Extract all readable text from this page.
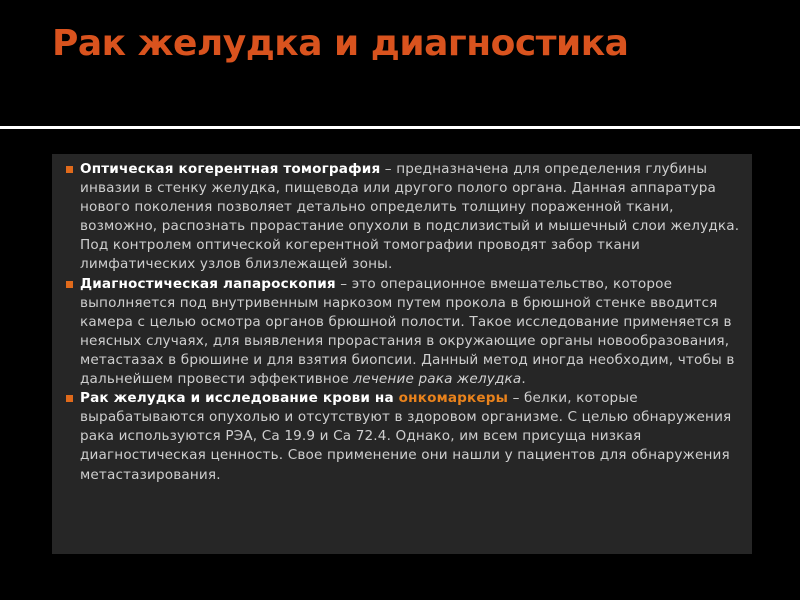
Рак желудка и диагностика
Оптическая когерентная томография – предназначена для определения глубины инвазии в стенку желудка, пищевода или другого полого органа. Данная аппаратура нового поколения позволяет детально определить толщину пораженной ткани, возможно, распознать прорастание опухоли в подслизистый и мышечный слои желудка. Под контролем оптической когерентной томографии проводят забор ткани лимфатических узлов близлежащей зоны.
Диагностическая лапароскопия – это операционное вмешательство, которое выполняется под внутривенным наркозом путем прокола в брюшной стенке вводится камера с целью осмотра органов брюшной полости. Такое исследование применяется в неясных случаях, для выявления прорастания в окружающие органы новообразования, метастазах в брюшине и для взятия биопсии. Данный метод иногда необходим, чтобы в дальнейшем провести эффективное лечение рака желудка.
Рак желудка и исследование крови на онкомаркеры – белки, которые вырабатываются опухолью и отсутствуют в здоровом организме. С целью обнаружения рака используются РЭА, Са 19.9 и Са 72.4. Однако, им всем присуща низкая диагностическая ценность. Свое применение они нашли у пациентов для обнаружения метастазирования.
